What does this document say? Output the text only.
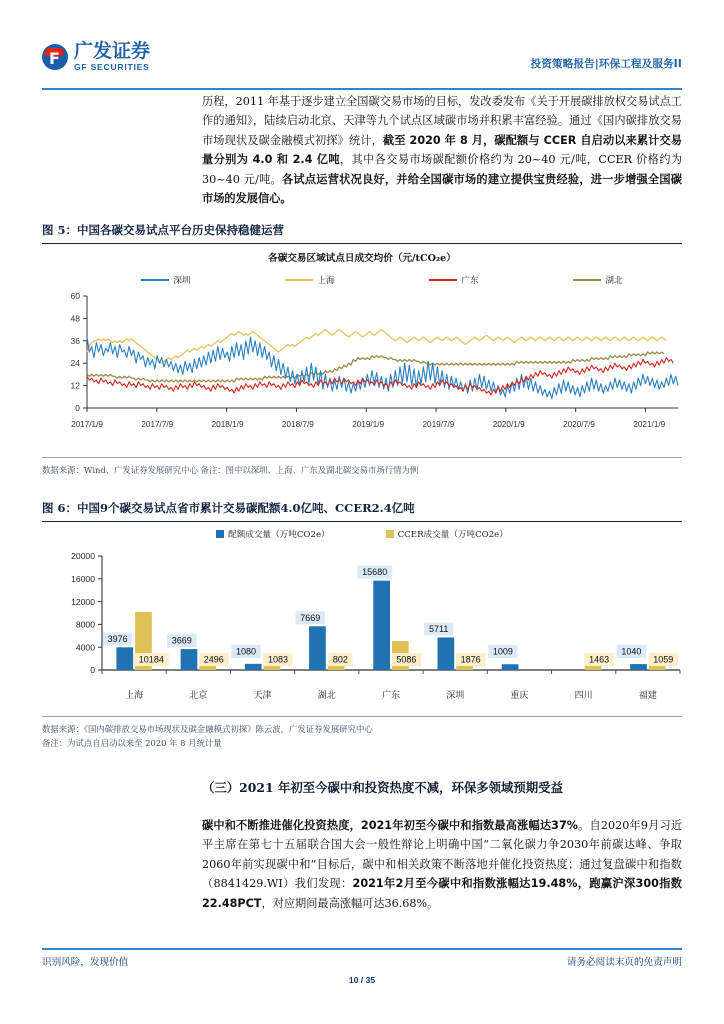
F
广发证券
GF SECURITIES	投资策略报告|环保工程及服务II
历程，2011 年基于逐步建立全国碳交易市场的目标，发改委发布《关于开展碳排放权交易试点工作的通知》，陆续启动北京、天津等九个试点区域碳市场并积累丰富经验。通过《国内碳排放交易市场现状及碳金融模式初探》统计，截至 2020 年 8 月，碳配额与 CCER 自启动以来累计交易量分别为 4.0 和 2.4 亿吨，其中各交易市场碳配额价格约为 20~40 元/吨，CCER 价格约为 30~40 元/吨。各试点运营状况良好，并给全国碳市场的建立提供宝贵经验，进一步增强全国碳市场的发展信心。
图 5：中国各碳交易试点平台历史保持稳健运营
各碳交易区域试点日成交均价（元/tCO₂e）
深圳	上海	广东	湖北
0
12
24
36
48
60
2017/1/9	2017/7/9	2018/1/9	2018/7/9	2019/1/9	2019/7/9	2020/1/9	2020/7/9	2021/1/9
数据来源：Wind、广发证券发展研究中心 备注：图中以深圳、上海、广东及湖北碳交易市场行情为例
图 6：中国9个碳交易试点省市累计交易碳配额4.0亿吨、CCER2.4亿吨
配额成交量（万吨CO2e）	CCER成交量（万吨CO2e）
0
4000
8000
12000
16000
20000
3976
10184
3669
2496
1080
1083
7669
802
15680
5086
5711
1876
1009
1463
1040
1059
上海	北京	天津	湖北	广东	深圳	重庆	四川	福建
数据来源：《国内碳排放交易市场现状及碳金融模式初探》陈云波，广发证券发展研究中心
备注：为试点自启动以来至 2020 年 8 月统计量
（三）2021 年初至今碳中和投资热度不减，环保多领域预期受益
碳中和不断推进催化投资热度，2021年初至今碳中和指数最高涨幅达37%。自2020年9月习近平主席在第七十五届联合国大会一般性辩论上明确中国“二氧化碳力争2030年前碳达峰、争取2060年前实现碳中和”目标后，碳中和相关政策不断落地并催化投资热度；通过复盘碳中和指数（8841429.WI）我们发现：2021年2月至今碳中和指数涨幅达19.48%，跑赢沪深300指数22.48PCT，对应期间最高涨幅可达36.68%。
识别风险，发现价值	请务必阅读末页的免责声明
10 / 35
